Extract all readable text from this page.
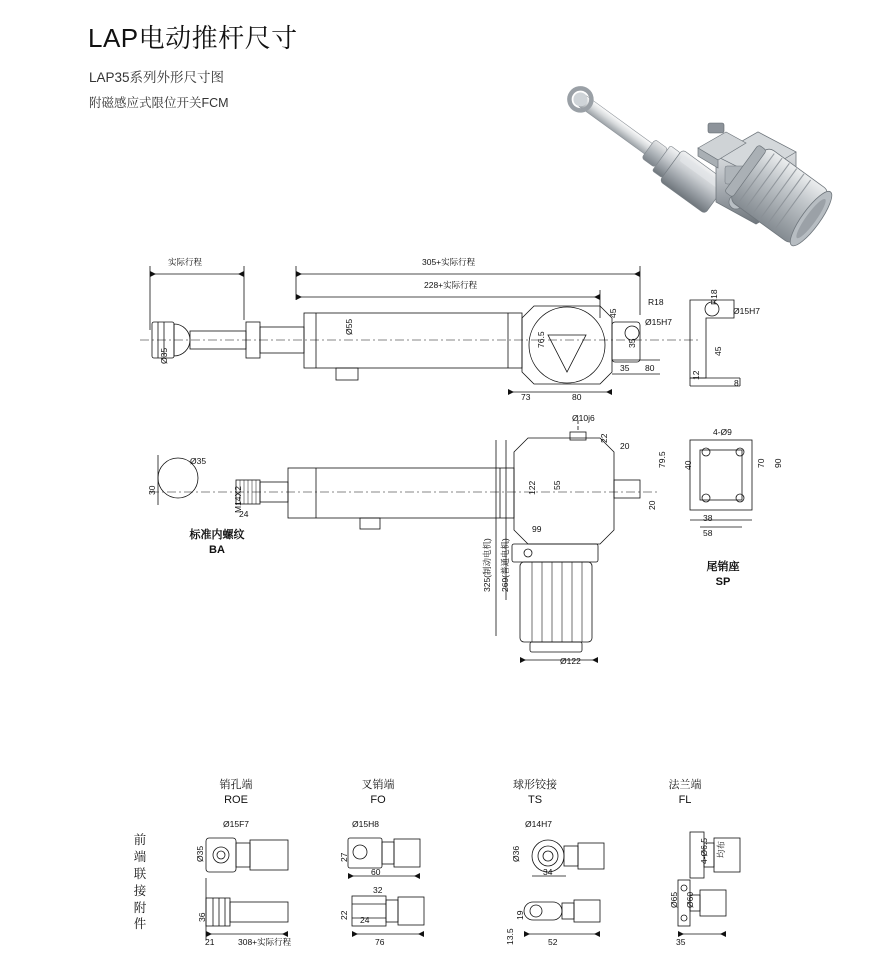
LAP电动推杆尺寸
LAP35系列外形尺寸图
附磁感应式限位开关FCM
实际行程	305+实际行程
228+实际行程
Ø55
Ø35
76.5
45
35
R18
Ø15H7
R18
Ø15H7
45
12
8
35 80
73	80
Ø35
30	M14X2
24
Ø10j6
22
20
122 55
79.5
20
99
325(制动电机) 269(普通电机)
Ø122
4-Ø9
90
70
40
38
58
标准内螺纹
BA
尾销座
SP
前
端
联
接
附
件
销孔端
ROE
叉销端
FO
球形铰接
TS
法兰端
FL
Ø15F7
Ø35
36
21	308+实际行程
Ø15H8
27
60
32
22 24
76
Ø14H7
Ø36
34
19
13.5	52
4-Ø6.5 均布
Ø65 Ø60
35
